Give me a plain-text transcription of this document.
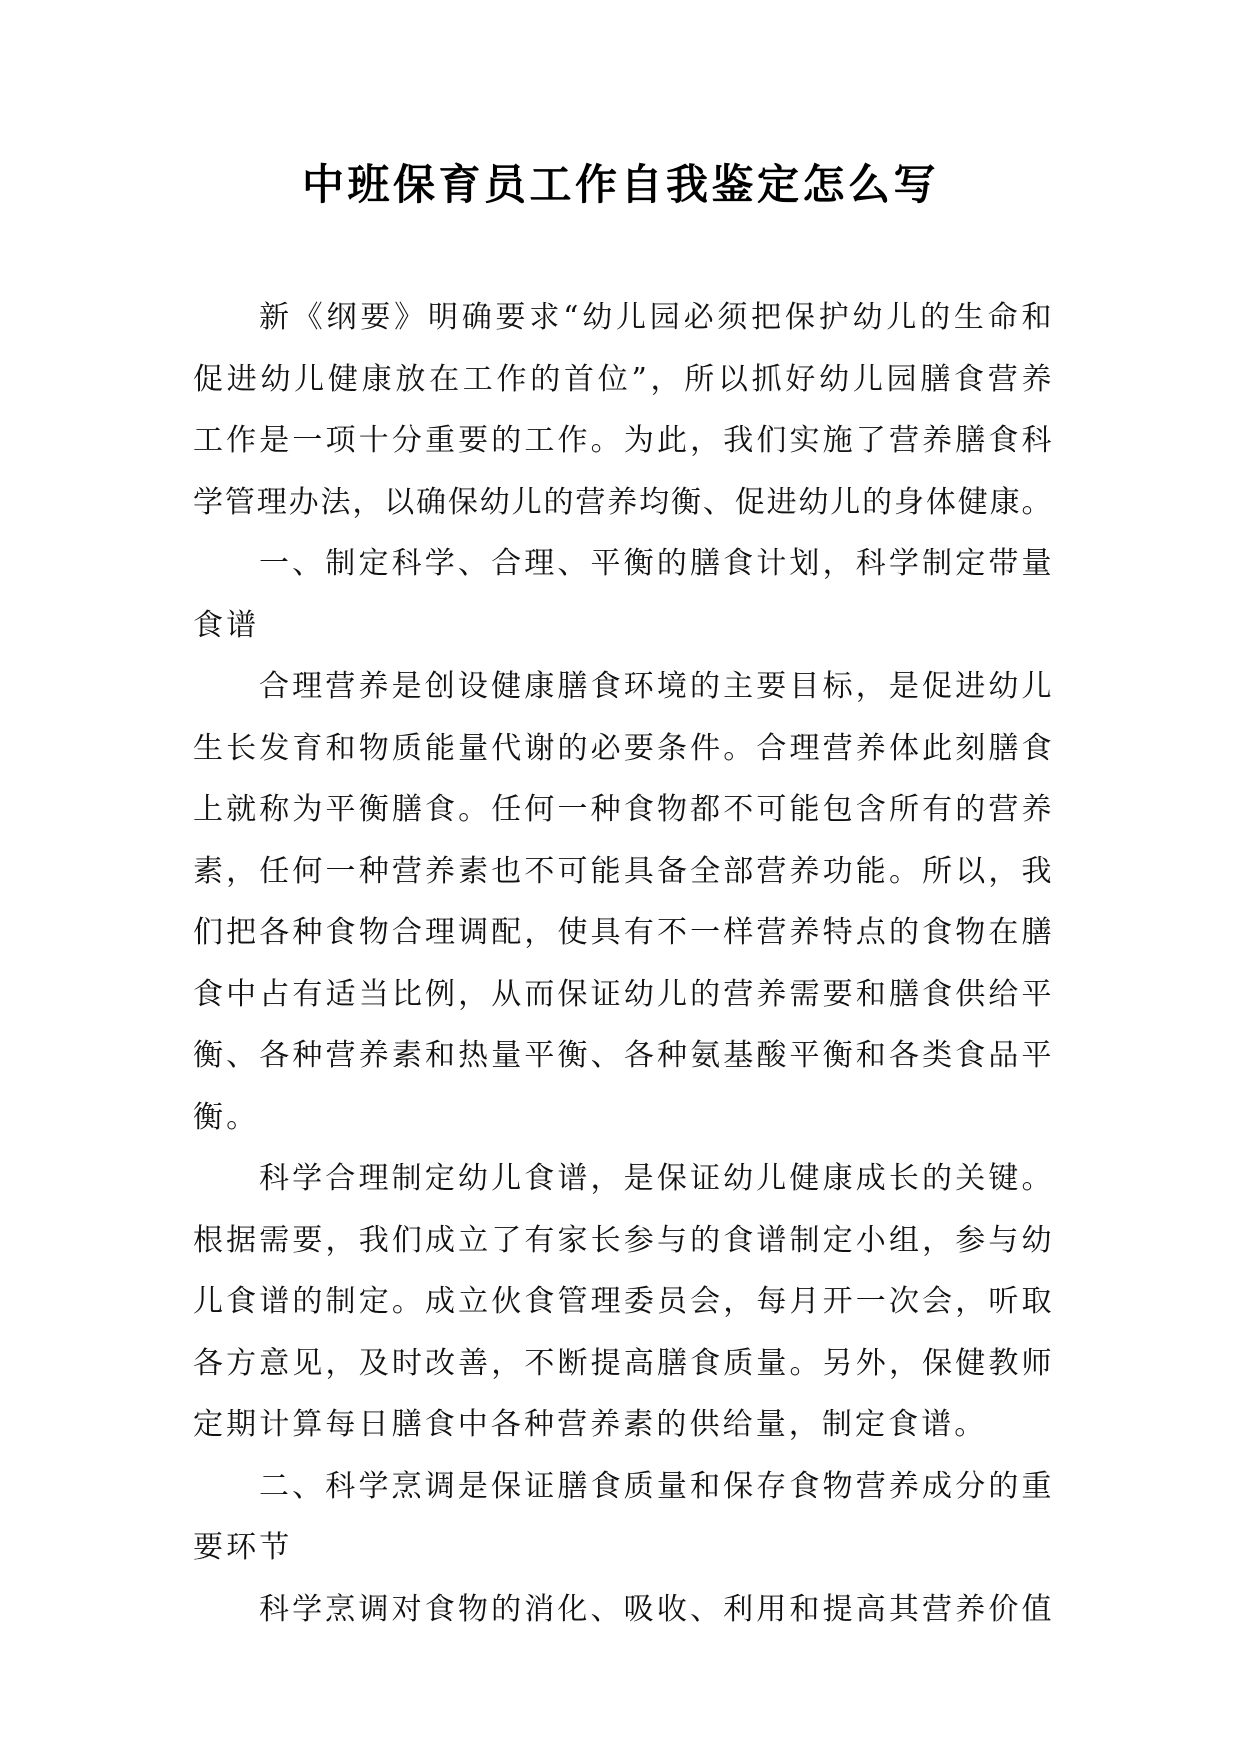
中班保育员工作自我鉴定怎么写
新《纲要》明确要求“幼儿园必须把保护幼儿的生命和
促进幼儿健康放在工作的首位”，所以抓好幼儿园膳食营养
工作是一项十分重要的工作。为此，我们实施了营养膳食科
学管理办法，以确保幼儿的营养均衡、促进幼儿的身体健康。
一、制定科学、合理、平衡的膳食计划，科学制定带量
食谱
合理营养是创设健康膳食环境的主要目标，是促进幼儿
生长发育和物质能量代谢的必要条件。合理营养体此刻膳食
上就称为平衡膳食。任何一种食物都不可能包含所有的营养
素，任何一种营养素也不可能具备全部营养功能。所以，我
们把各种食物合理调配，使具有不一样营养特点的食物在膳
食中占有适当比例，从而保证幼儿的营养需要和膳食供给平
衡、各种营养素和热量平衡、各种氨基酸平衡和各类食品平
衡。
科学合理制定幼儿食谱，是保证幼儿健康成长的关键。
根据需要，我们成立了有家长参与的食谱制定小组，参与幼
儿食谱的制定。成立伙食管理委员会，每月开一次会，听取
各方意见，及时改善，不断提高膳食质量。另外，保健教师
定期计算每日膳食中各种营养素的供给量，制定食谱。
二、科学烹调是保证膳食质量和保存食物营养成分的重
要环节
科学烹调对食物的消化、吸收、利用和提高其营养价值
